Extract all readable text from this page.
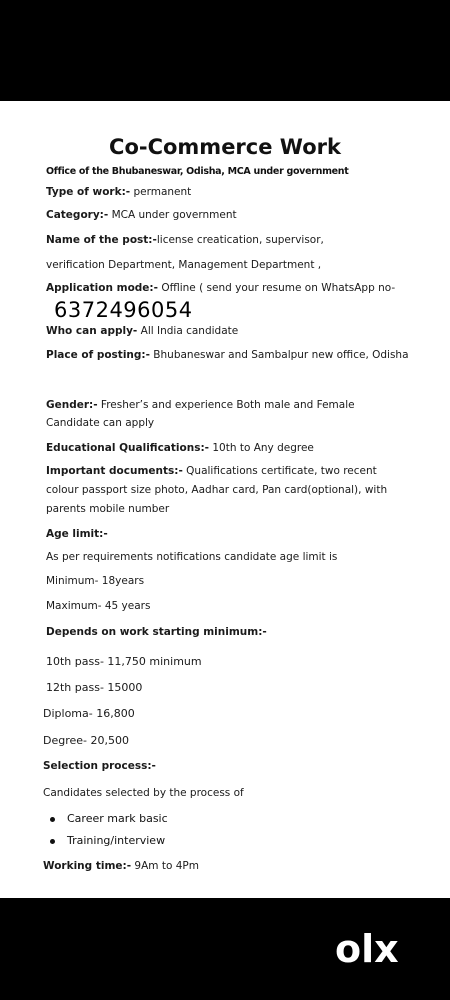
Co-Commerce Work
Office of the Bhubaneswar, Odisha, MCA under government
Type of work:- permanent
Category:- MCA under government
Name of the post:-license creatication, supervisor,
verification Department, Management Department ,
Application mode:- Offline ( send your resume on WhatsApp no-
6372496054
Who can apply- All India candidate
Place of posting:- Bhubaneswar and Sambalpur new office, Odisha
Gender:- Fresher’s and experience Both male and Female
Candidate can apply
Educational Qualifications:- 10th to Any degree
Important documents:- Qualifications certificate, two recent
colour passport size photo, Aadhar card, Pan card(optional), with
parents mobile number
Age limit:-
As per requirements notifications candidate age limit is
Minimum- 18years
Maximum- 45 years
Depends on work starting minimum:-
10th pass- 11,750 minimum
12th pass- 15000
Diploma- 16,800
Degree- 20,500
Selection process:-
Candidates selected by the process of
Career mark basic
Training/interview
Working time:- 9Am to 4Pm
olx
